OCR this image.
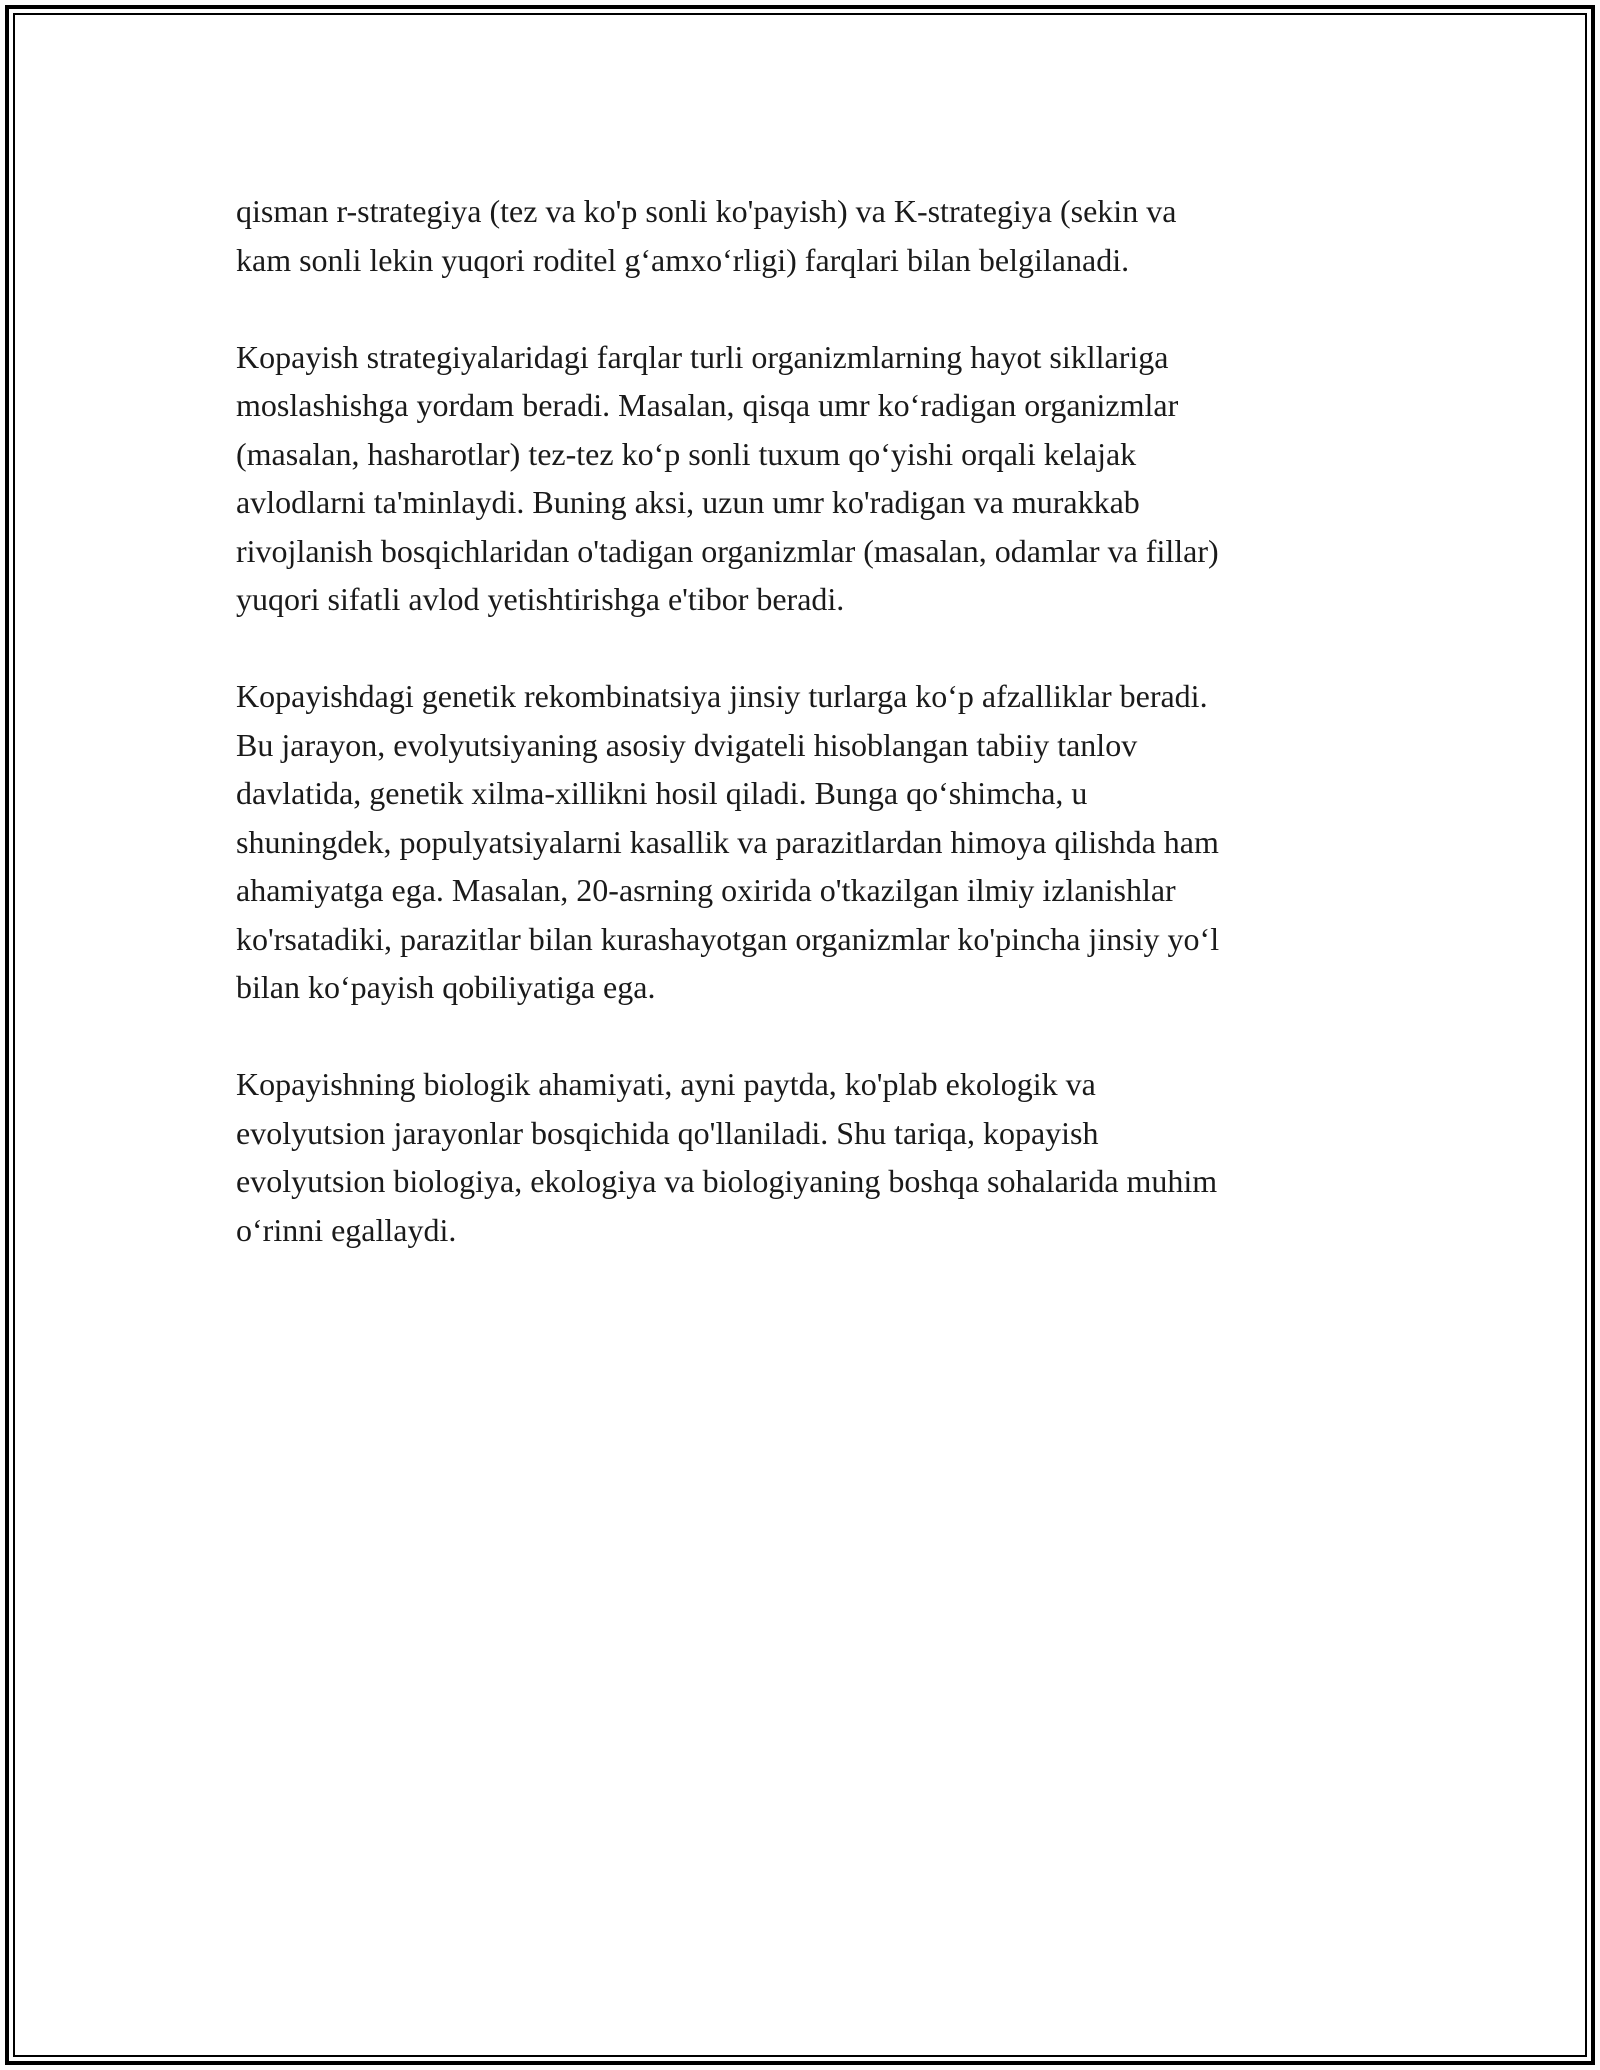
qisman r-strategiya (tez va ko'p sonli ko'payish) va K-strategiya (sekin va
kam sonli lekin yuqori roditel g‘amxo‘rligi) farqlari bilan belgilanadi.

Kopayish strategiyalaridagi farqlar turli organizmlarning hayot sikllariga
moslashishga yordam beradi. Masalan, qisqa umr ko‘radigan organizmlar
(masalan, hasharotlar) tez-tez ko‘p sonli tuxum qo‘yishi orqali kelajak
avlodlarni ta'minlaydi. Buning aksi, uzun umr ko'radigan va murakkab
rivojlanish bosqichlaridan o'tadigan organizmlar (masalan, odamlar va fillar)
yuqori sifatli avlod yetishtirishga e'tibor beradi.

Kopayishdagi genetik rekombinatsiya jinsiy turlarga ko‘p afzalliklar beradi.
Bu jarayon, evolyutsiyaning asosiy dvigateli hisoblangan tabiiy tanlov
davlatida, genetik xilma-xillikni hosil qiladi. Bunga qo‘shimcha, u
shuningdek, populyatsiyalarni kasallik va parazitlardan himoya qilishda ham
ahamiyatga ega. Masalan, 20-asrning oxirida o'tkazilgan ilmiy izlanishlar
ko'rsatadiki, parazitlar bilan kurashayotgan organizmlar ko'pincha jinsiy yo‘l
bilan ko‘payish qobiliyatiga ega.

Kopayishning biologik ahamiyati, ayni paytda, ko'plab ekologik va
evolyutsion jarayonlar bosqichida qo'llaniladi. Shu tariqa, kopayish
evolyutsion biologiya, ekologiya va biologiyaning boshqa sohalarida muhim
o‘rinni egallaydi.
